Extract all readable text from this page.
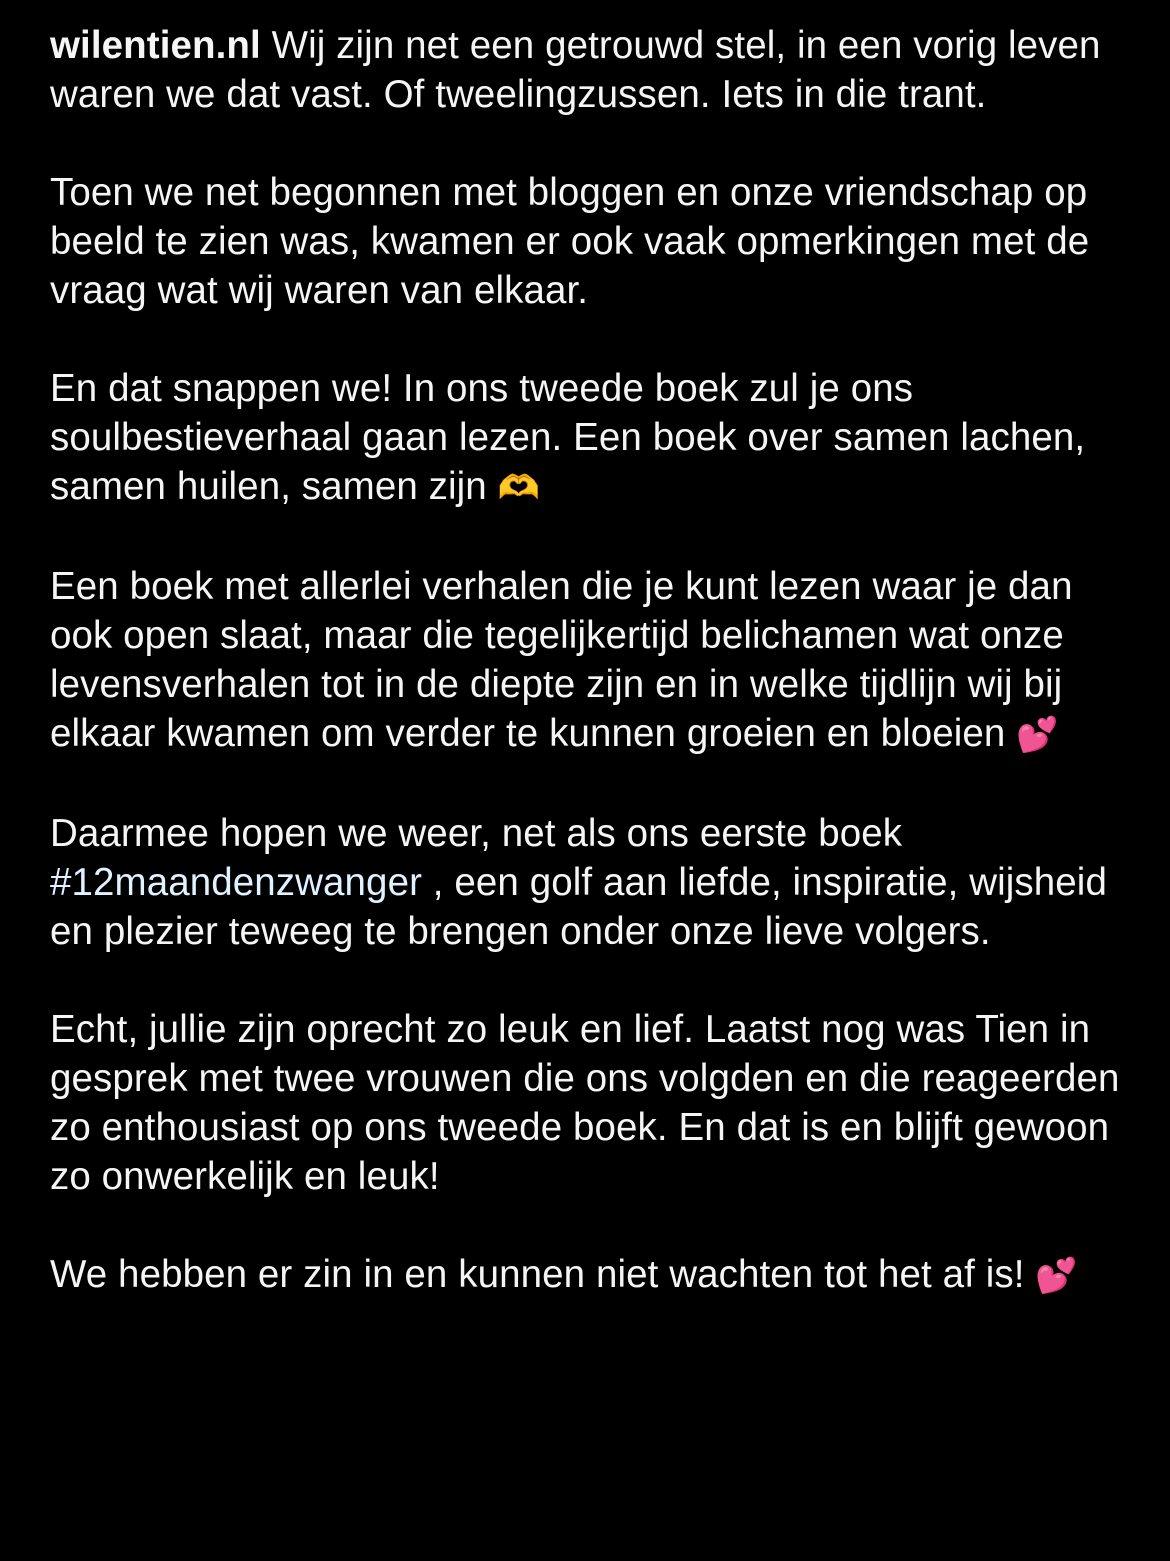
wilentien.nl Wij zijn net een getrouwd stel, in een vorig leven waren we dat vast. Of tweelingzussen. Iets in die trant.

Toen we net begonnen met bloggen en onze vriendschap op beeld te zien was, kwamen er ook vaak opmerkingen met de vraag wat wij waren van elkaar.

En dat snappen we! In ons tweede boek zul je ons soulbestieverhaal gaan lezen. Een boek over samen lachen, samen huilen, samen zijn 🫶

Een boek met allerlei verhalen die je kunt lezen waar je dan ook open slaat, maar die tegelijkertijd belichamen wat onze levensverhalen tot in de diepte zijn en in welke tijdlijn wij bij elkaar kwamen om verder te kunnen groeien en bloeien 💕

Daarmee hopen we weer, net als ons eerste boek #12maandenzwanger , een golf aan liefde, inspiratie, wijsheid en plezier teweeg te brengen onder onze lieve volgers.

Echt, jullie zijn oprecht zo leuk en lief. Laatst nog was Tien in gesprek met twee vrouwen die ons volgden en die reageerden zo enthousiast op ons tweede boek. En dat is en blijft gewoon zo onwerkelijk en leuk!

We hebben er zin in en kunnen niet wachten tot het af is! 💕
